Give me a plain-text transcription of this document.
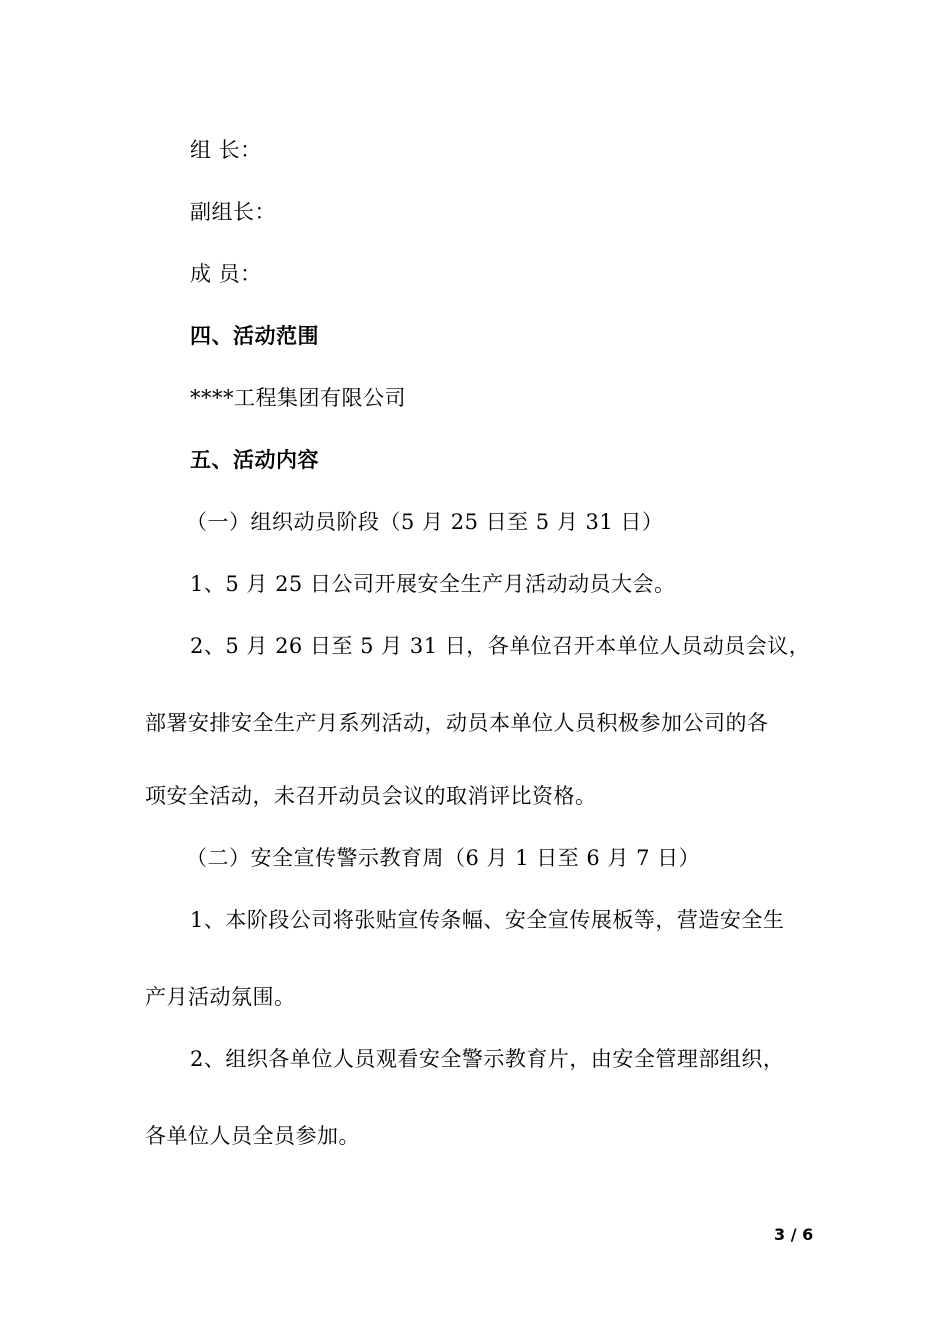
组 长：
副组长：
成 员：
四、活动范围
****工程集团有限公司
五、活动内容
（一）组织动员阶段（5 月 25 日至 5 月 31 日）
1、5 月 25 日公司开展安全生产月活动动员大会。
2、5 月 26 日至 5 月 31 日，各单位召开本单位人员动员会议，
部署安排安全生产月系列活动，动员本单位人员积极参加公司的各
项安全活动，未召开动员会议的取消评比资格。
（二）安全宣传警示教育周（6 月 1 日至 6 月 7 日）
1、本阶段公司将张贴宣传条幅、安全宣传展板等，营造安全生
产月活动氛围。
2、组织各单位人员观看安全警示教育片，由安全管理部组织，
各单位人员全员参加。
3 / 6
